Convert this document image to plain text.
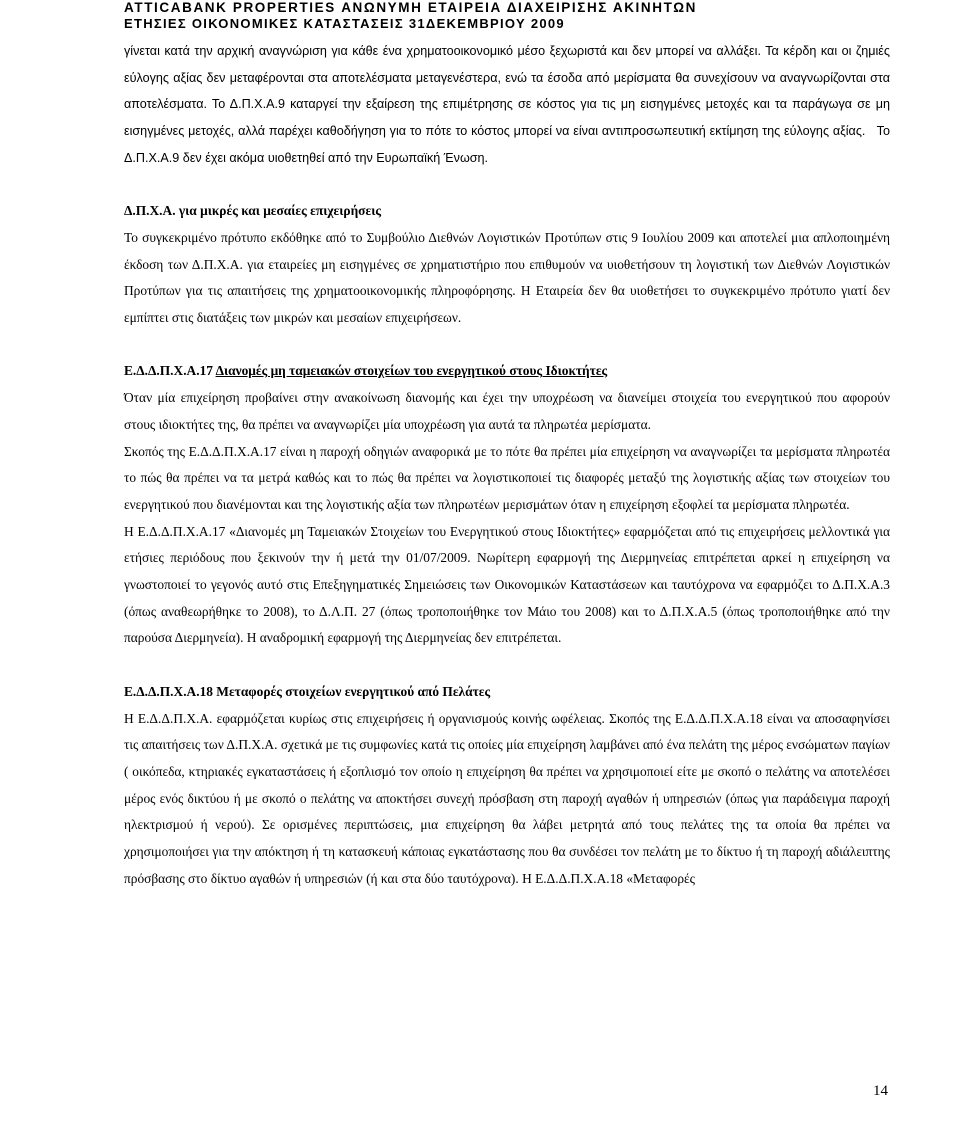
ATTICABANK PROPERTIES ΑΝΩΝΥΜΗ ΕΤΑΙΡΕΙΑ ΔΙΑΧΕΙΡΙΣΗΣ ΑΚΙΝΗΤΩΝ
ΕΤΗΣΙΕΣ ΟΙΚΟΝΟΜΙΚΕΣ ΚΑΤΑΣΤΑΣΕΙΣ 31ΔΕΚΕΜΒΡΙΟΥ 2009

γίνεται κατά την αρχική αναγνώριση για κάθε ένα χρηματοοικονομικό μέσο ξεχωριστά και δεν μπορεί να αλλάξει. Τα κέρδη και οι ζημιές εύλογης αξίας δεν μεταφέρονται στα αποτελέσματα μεταγενέστερα, ενώ τα έσοδα από μερίσματα θα συνεχίσουν να αναγνωρίζονται στα αποτελέσματα. Το Δ.Π.Χ.Α.9 καταργεί την εξαίρεση της επιμέτρησης σε κόστος για τις μη εισηγμένες μετοχές και τα παράγωγα σε μη εισηγμένες μετοχές, αλλά παρέχει καθοδήγηση για το πότε το κόστος μπορεί να είναι αντιπροσωπευτική εκτίμηση της εύλογης αξίας. Το Δ.Π.Χ.Α.9 δεν έχει ακόμα υιοθετηθεί από την Ευρωπαϊκή Ένωση.

Δ.Π.Χ.Α. για μικρές και μεσαίες επιχειρήσεις

Το συγκεκριμένο πρότυπο εκδόθηκε από το Συμβούλιο Διεθνών Λογιστικών Προτύπων στις 9 Ιουλίου 2009 και αποτελεί μια απλοποιημένη έκδοση των Δ.Π.Χ.Α. για εταιρείες μη εισηγμένες σε χρηματιστήριο που επιθυμούν να υιοθετήσουν τη λογιστική των Διεθνών Λογιστικών Προτύπων για τις απαιτήσεις της χρηματοοικονομικής πληροφόρησης. Η Εταιρεία δεν θα υιοθετήσει το συγκεκριμένο πρότυπο γιατί δεν εμπίπτει στις διατάξεις των μικρών και μεσαίων επιχειρήσεων.

Ε.Δ.Δ.Π.Χ.Α.17 Διανομές μη ταμειακών στοιχείων του ενεργητικού στους Ιδιοκτήτες

Όταν μία επιχείρηση προβαίνει στην ανακοίνωση διανομής και έχει την υποχρέωση να διανείμει στοιχεία του ενεργητικού που αφορούν στους ιδιοκτήτες της, θα πρέπει να αναγνωρίζει μία υποχρέωση για αυτά τα πληρωτέα μερίσματα.

Σκοπός της Ε.Δ.Δ.Π.Χ.Α.17 είναι η παροχή οδηγιών αναφορικά με το πότε θα πρέπει μία επιχείρηση να αναγνωρίζει τα μερίσματα πληρωτέα το πώς θα πρέπει να τα μετρά καθώς και το πώς θα πρέπει να λογιστικοποιεί τις διαφορές μεταξύ της λογιστικής αξίας των στοιχείων του ενεργητικού που διανέμονται και της λογιστικής αξία των πληρωτέων μερισμάτων όταν η επιχείρηση εξοφλεί τα μερίσματα πληρωτέα.

Η Ε.Δ.Δ.Π.Χ.Α.17 «Διανομές μη Ταμειακών Στοιχείων του Ενεργητικού στους Ιδιοκτήτες» εφαρμόζεται από τις επιχειρήσεις μελλοντικά για ετήσιες περιόδους που ξεκινούν την ή μετά την 01/07/2009. Νωρίτερη εφαρμογή της Διερμηνείας επιτρέπεται αρκεί η επιχείρηση να γνωστοποιεί το γεγονός αυτό στις Επεξηγηματικές Σημειώσεις των Οικονομικών Καταστάσεων και ταυτόχρονα να εφαρμόζει το Δ.Π.Χ.Α.3 (όπως αναθεωρήθηκε το 2008), το Δ.Λ.Π. 27 (όπως τροποποιήθηκε τον Μάιο του 2008) και το Δ.Π.Χ.Α.5 (όπως τροποποιήθηκε από την παρούσα Διερμηνεία). Η αναδρομική εφαρμογή της Διερμηνείας δεν επιτρέπεται.

Ε.Δ.Δ.Π.Χ.Α.18 Μεταφορές στοιχείων ενεργητικού από Πελάτες

Η Ε.Δ.Δ.Π.Χ.Α. εφαρμόζεται κυρίως στις επιχειρήσεις ή οργανισμούς κοινής ωφέλειας. Σκοπός της Ε.Δ.Δ.Π.Χ.Α.18 είναι να αποσαφηνίσει τις απαιτήσεις των Δ.Π.Χ.Α. σχετικά με τις συμφωνίες κατά τις οποίες μία επιχείρηση λαμβάνει από ένα πελάτη της μέρος ενσώματων παγίων ( οικόπεδα, κτηριακές εγκαταστάσεις ή εξοπλισμό τον οποίο η επιχείρηση θα πρέπει να χρησιμοποιεί είτε με σκοπό ο πελάτης να αποτελέσει μέρος ενός δικτύου ή με σκοπό ο πελάτης να αποκτήσει συνεχή πρόσβαση στη παροχή αγαθών ή υπηρεσιών (όπως για παράδειγμα παροχή ηλεκτρισμού ή νερού). Σε ορισμένες περιπτώσεις, μια επιχείρηση θα λάβει μετρητά από τους πελάτες της τα οποία θα πρέπει να χρησιμοποιήσει για την απόκτηση ή τη κατασκευή κάποιας εγκατάστασης που θα συνδέσει τον πελάτη με το δίκτυο ή τη παροχή αδιάλειπτης πρόσβασης στο δίκτυο αγαθών ή υπηρεσιών (ή και στα δύο ταυτόχρονα). Η Ε.Δ.Δ.Π.Χ.Α.18 «Μεταφορές

14
